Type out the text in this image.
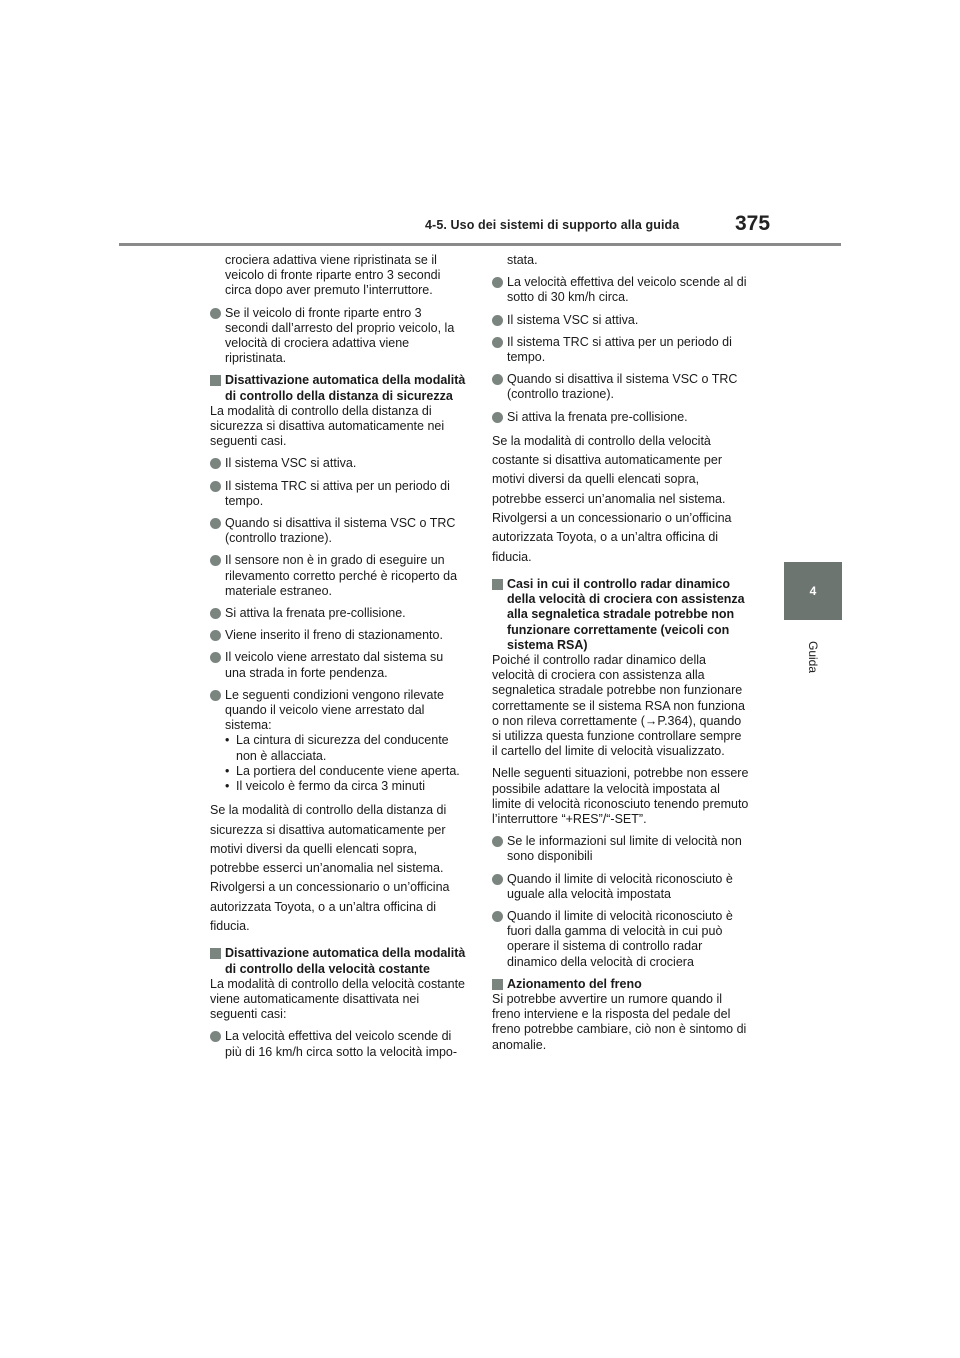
4-5. Uso dei sistemi di supporto alla guida	375
4
Guida
crociera adattiva viene ripristinata se il veicolo di fronte riparte entro 3 secondi circa dopo aver premuto l’interruttore.
Se il veicolo di fronte riparte entro 3 secondi dall’arresto del proprio veicolo, la velocità di crociera adattiva viene ripristinata.
Disattivazione automatica della modalità di controllo della distanza di sicurezza
La modalità di controllo della distanza di sicurezza si disattiva automaticamente nei seguenti casi.
Il sistema VSC si attiva.
Il sistema TRC si attiva per un periodo di tempo.
Quando si disattiva il sistema VSC o TRC (controllo trazione).
Il sensore non è in grado di eseguire un rilevamento corretto perché è ricoperto da materiale estraneo.
Si attiva la frenata pre-collisione.
Viene inserito il freno di stazionamento.
Il veicolo viene arrestato dal sistema su una strada in forte pendenza.
Le seguenti condizioni vengono rilevate quando il veicolo viene arrestato dal sistema:
• La cintura di sicurezza del conducente non è allacciata.
• La portiera del conducente viene aperta.
• Il veicolo è fermo da circa 3 minuti
Se la modalità di controllo della distanza di sicurezza si disattiva automaticamente per motivi diversi da quelli elencati sopra, potrebbe esserci un’anomalia nel sistema. Rivolgersi a un concessionario o un’officina autorizzata Toyota, o a un’altra officina di fiducia.
Disattivazione automatica della modalità di controllo della velocità costante
La modalità di controllo della velocità costante viene automaticamente disattivata nei seguenti casi:
La velocità effettiva del veicolo scende di più di 16 km/h circa sotto la velocità impo-
stata.
La velocità effettiva del veicolo scende al di sotto di 30 km/h circa.
Il sistema VSC si attiva.
Il sistema TRC si attiva per un periodo di tempo.
Quando si disattiva il sistema VSC o TRC (controllo trazione).
Si attiva la frenata pre-collisione.
Se la modalità di controllo della velocità costante si disattiva automaticamente per motivi diversi da quelli elencati sopra, potrebbe esserci un’anomalia nel sistema. Rivolgersi a un concessionario o un’officina autorizzata Toyota, o a un’altra officina di fiducia.
Casi in cui il controllo radar dinamico della velocità di crociera con assistenza alla segnaletica stradale potrebbe non funzionare correttamente (veicoli con sistema RSA)
Poiché il controllo radar dinamico della velocità di crociera con assistenza alla segnaletica stradale potrebbe non funzionare correttamente se il sistema RSA non funziona o non rileva correttamente (→P.364), quando si utilizza questa funzione controllare sempre il cartello del limite di velocità visualizzato.
Nelle seguenti situazioni, potrebbe non essere possibile adattare la velocità impostata al limite di velocità riconosciuto tenendo premuto l’interruttore “+RES”/“-SET”.
Se le informazioni sul limite di velocità non sono disponibili
Quando il limite di velocità riconosciuto è uguale alla velocità impostata
Quando il limite di velocità riconosciuto è fuori dalla gamma di velocità in cui può operare il sistema di controllo radar dinamico della velocità di crociera
Azionamento del freno
Si potrebbe avvertire un rumore quando il freno interviene e la risposta del pedale del freno potrebbe cambiare, ciò non è sintomo di anomalie.
